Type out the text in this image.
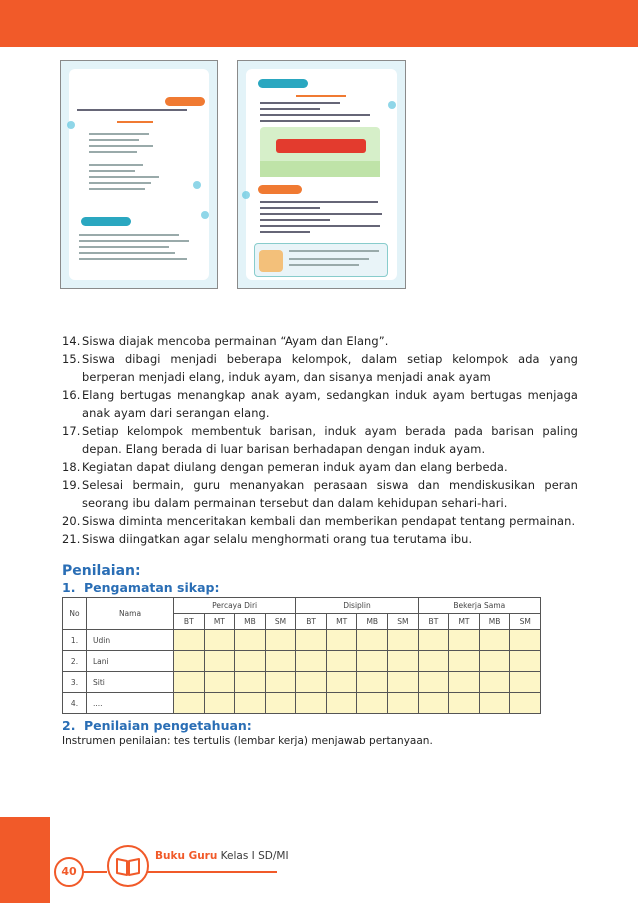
14. Siswa diajak mencoba permainan “Ayam dan Elang”.
15. Siswa dibagi menjadi beberapa kelompok, dalam setiap kelompok ada yang berperan menjadi elang, induk ayam, dan sisanya menjadi anak ayam
16. Elang bertugas menangkap anak ayam, sedangkan induk ayam bertugas menjaga anak ayam dari serangan elang.
17. Setiap kelompok membentuk barisan, induk ayam berada pada barisan paling depan. Elang berada di luar barisan berhadapan dengan induk ayam.
18. Kegiatan dapat diulang dengan pemeran induk ayam dan elang berbeda.
19. Selesai bermain, guru menanyakan perasaan siswa dan mendiskusikan peran seorang ibu dalam permainan tersebut dan dalam kehidupan sehari-hari.
20. Siswa diminta menceritakan kembali dan memberikan pendapat tentang permainan.
21. Siswa diingatkan agar selalu menghormati orang tua terutama ibu.
Penilaian:
1. Pengamatan sikap:
No	Nama	Percaya Diri				Disiplin				Bekerja Sama			
		BT	MT	MB	SM	BT	MT	MB	SM	BT	MT	MB	SM
1.	Udin												
2.	Lani												
3.	Siti												
4.	....												
2. Penilaian pengetahuan:
Instrumen penilaian: tes tertulis (lembar kerja) menjawab pertanyaan.
40
Buku Guru Kelas I SD/MI
